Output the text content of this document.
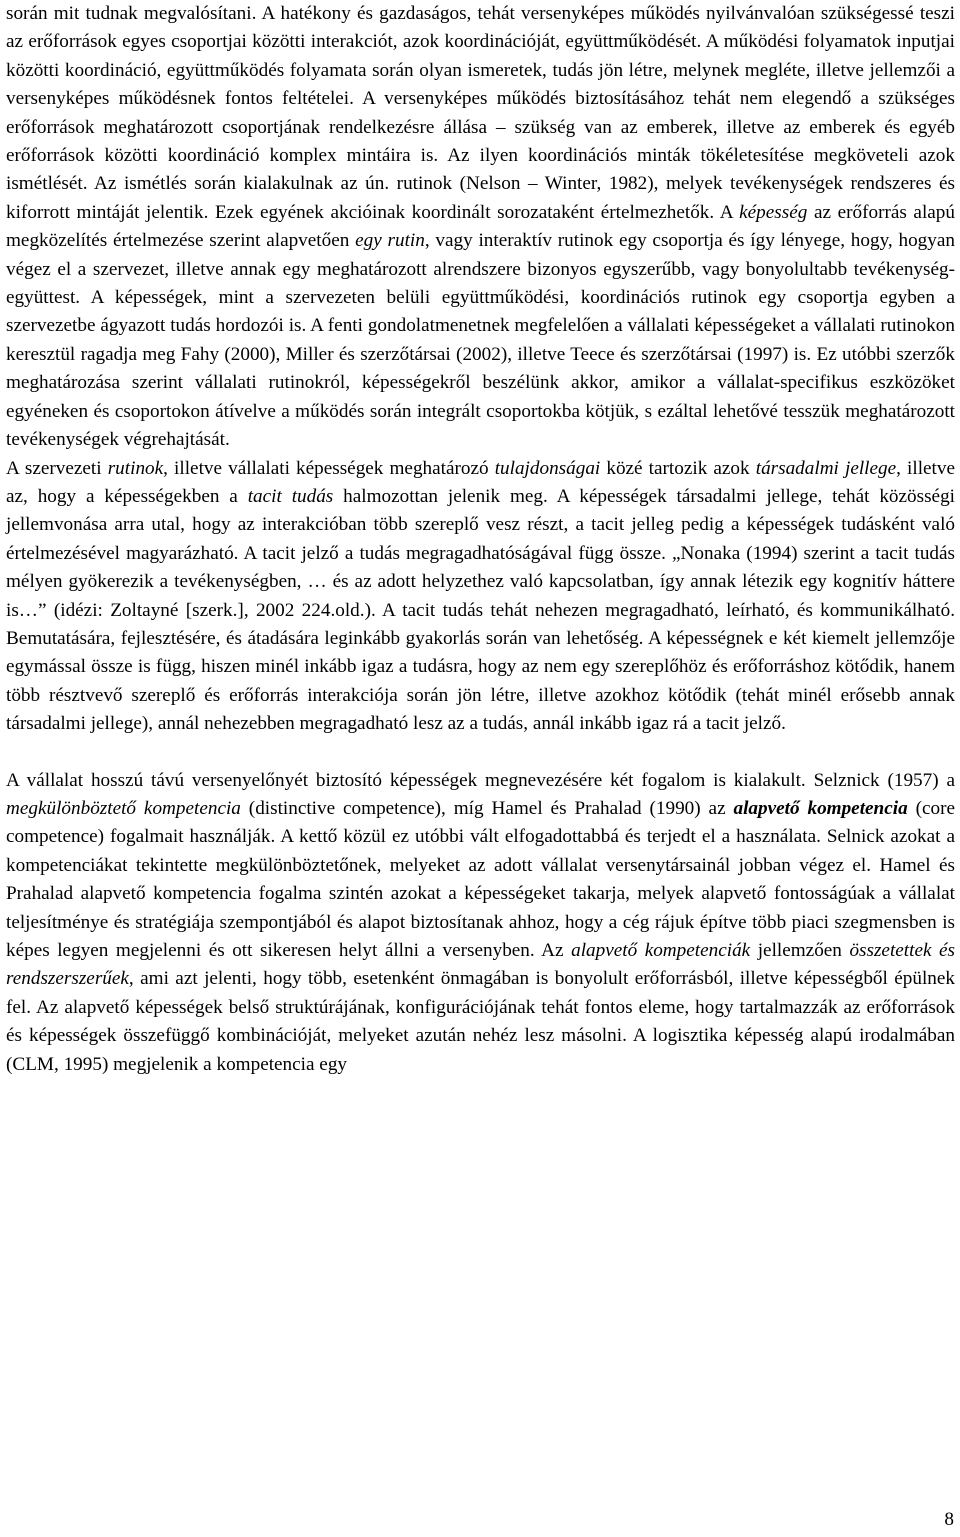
során mit tudnak megvalósítani. A hatékony és gazdaságos, tehát versenyképes működés nyilvánvalóan szükségessé teszi az erőforrások egyes csoportjai közötti interakciót, azok koordinációját, együttműködését. A működési folyamatok inputjai közötti koordináció, együttműködés folyamata során olyan ismeretek, tudás jön létre, melynek megléte, illetve jellemzői a versenyképes működésnek fontos feltételei. A versenyképes működés biztosításához tehát nem elegendő a szükséges erőforrások meghatározott csoportjának rendelkezésre állása – szükség van az emberek, illetve az emberek és egyéb erőforrások közötti koordináció komplex mintáira is. Az ilyen koordinációs minták tökéletesítése megköveteli azok ismétlését. Az ismétlés során kialakulnak az ún. rutinok (Nelson – Winter, 1982), melyek tevékenységek rendszeres és kiforrott mintáját jelentik. Ezek egyének akcióinak koordinált sorozataként értelmezhetők. A képesség az erőforrás alapú megközelítés értelmezése szerint alapvetően egy rutin, vagy interaktív rutinok egy csoportja és így lényege, hogy, hogyan végez el a szervezet, illetve annak egy meghatározott alrendszere bizonyos egyszerűbb, vagy bonyolultabb tevékenység-együttest. A képességek, mint a szervezeten belüli együttműködési, koordinációs rutinok egy csoportja egyben a szervezetbe ágyazott tudás hordozói is. A fenti gondolatmenetnek megfelelően a vállalati képességeket a vállalati rutinokon keresztül ragadja meg Fahy (2000), Miller és szerzőtársai (2002), illetve Teece és szerzőtársai (1997) is. Ez utóbbi szerzők meghatározása szerint vállalati rutinokról, képességekről beszélünk akkor, amikor a vállalat-specifikus eszközöket egyéneken és csoportokon átívelve a működés során integrált csoportokba kötjük, s ezáltal lehetővé tesszük meghatározott tevékenységek végrehajtását.

A szervezeti rutinok, illetve vállalati képességek meghatározó tulajdonságai közé tartozik azok társadalmi jellege, illetve az, hogy a képességekben a tacit tudás halmozottan jelenik meg. A képességek társadalmi jellege, tehát közösségi jellemvonása arra utal, hogy az interakcióban több szereplő vesz részt, a tacit jelleg pedig a képességek tudásként való értelmezésével magyarázható. A tacit jelző a tudás megragadhatóságával függ össze. „Nonaka (1994) szerint a tacit tudás mélyen gyökerezik a tevékenységben, … és az adott helyzethez való kapcsolatban, így annak létezik egy kognitív háttere is…” (idézi: Zoltayné [szerk.], 2002 224.old.). A tacit tudás tehát nehezen megragadható, leírható, és kommunikálható. Bemutatására, fejlesztésére, és átadására leginkább gyakorlás során van lehetőség. A képességnek e két kiemelt jellemzője egymással össze is függ, hiszen minél inkább igaz a tudásra, hogy az nem egy szereplőhöz és erőforráshoz kötődik, hanem több résztvevő szereplő és erőforrás interakciója során jön létre, illetve azokhoz kötődik (tehát minél erősebb annak társadalmi jellege), annál nehezebben megragadható lesz az a tudás, annál inkább igaz rá a tacit jelző.

A vállalat hosszú távú versenyelőnyét biztosító képességek megnevezésére két fogalom is kialakult. Selznick (1957) a megkülönböztető kompetencia (distinctive competence), míg Hamel és Prahalad (1990) az alapvető kompetencia (core competence) fogalmait használják. A kettő közül ez utóbbi vált elfogadottabbá és terjedt el a használata. Selnick azokat a kompetenciákat tekintette megkülönböztetőnek, melyeket az adott vállalat versenytársainál jobban végez el. Hamel és Prahalad alapvető kompetencia fogalma szintén azokat a képességeket takarja, melyek alapvető fontosságúak a vállalat teljesítménye és stratégiája szempontjából és alapot biztosítanak ahhoz, hogy a cég rájuk építve több piaci szegmensben is képes legyen megjelenni és ott sikeresen helyt állni a versenyben. Az alapvető kompetenciák jellemzően összetettek és rendszerszerűek, ami azt jelenti, hogy több, esetenként önmagában is bonyolult erőforrásból, illetve képességből épülnek fel. Az alapvető képességek belső struktúrájának, konfigurációjának tehát fontos eleme, hogy tartalmazzák az erőforrások és képességek összefüggő kombinációját, melyeket azután nehéz lesz másolni. A logisztika képesség alapú irodalmában (CLM, 1995) megjelenik a kompetencia egy

8
